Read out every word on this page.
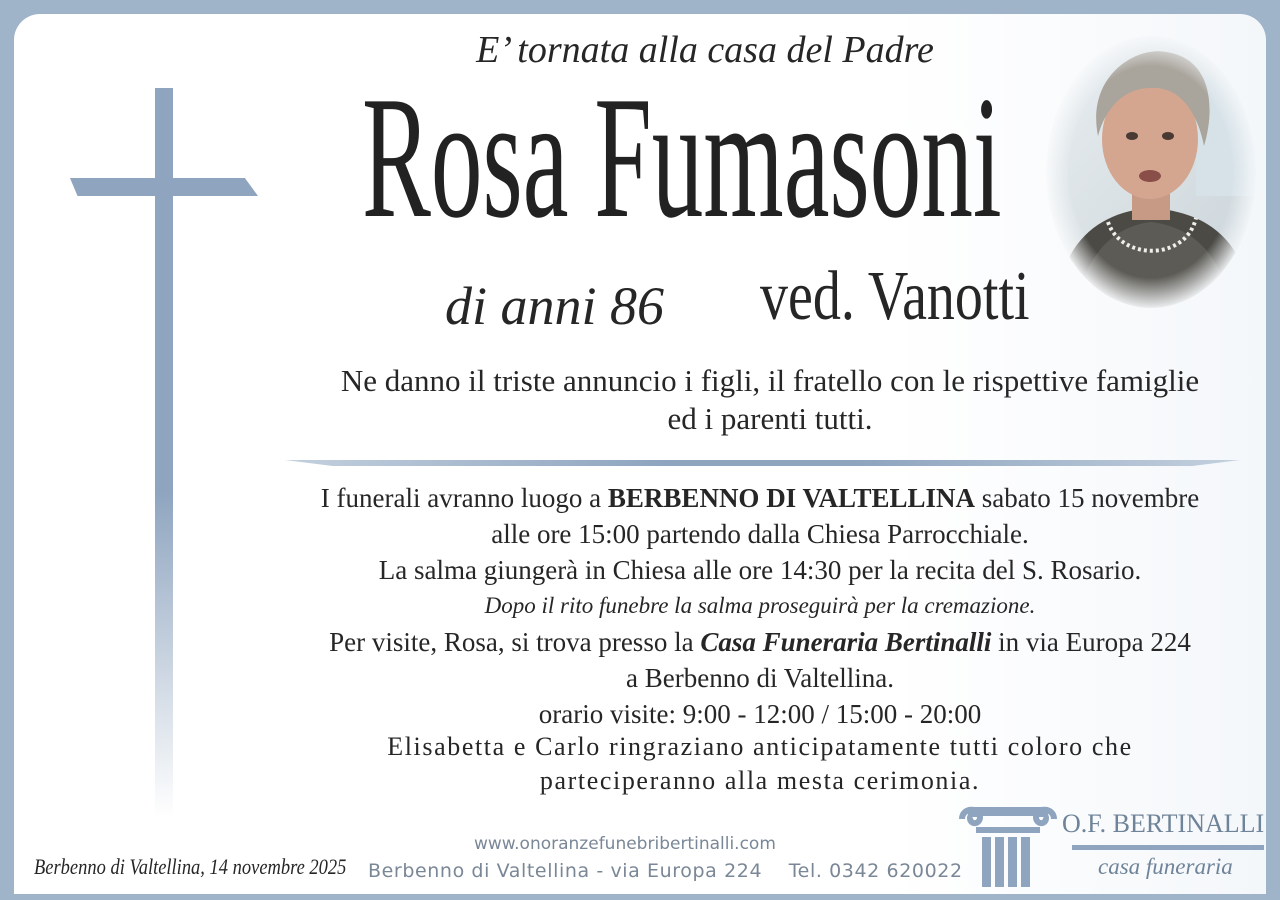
E’ tornata alla casa del Padre
Rosa Fumasoni
di anni 86 ved. Vanotti
Ne danno il triste annuncio i figli, il fratello con le rispettive famiglie
ed i parenti tutti.
I funerali avranno luogo a BERBENNO DI VALTELLINA sabato 15 novembre
alle ore 15:00 partendo dalla Chiesa Parrocchiale.
La salma giungerà in Chiesa alle ore 14:30 per la recita del S. Rosario.
Dopo il rito funebre la salma proseguirà per la cremazione.
Per visite, Rosa, si trova presso la Casa Funeraria Bertinalli in via Europa 224
a Berbenno di Valtellina.
orario visite: 9:00 - 12:00 / 15:00 - 20:00
Elisabetta e Carlo ringraziano anticipatamente tutti coloro che
parteciperanno alla mesta cerimonia.
Berbenno di Valtellina, 14 novembre 2025
www.onoranzefunebribertinalli.com
Berbenno di Valtellina - via Europa 224    Tel. 0342 620022
O.F. BERTINALLI
casa funeraria
